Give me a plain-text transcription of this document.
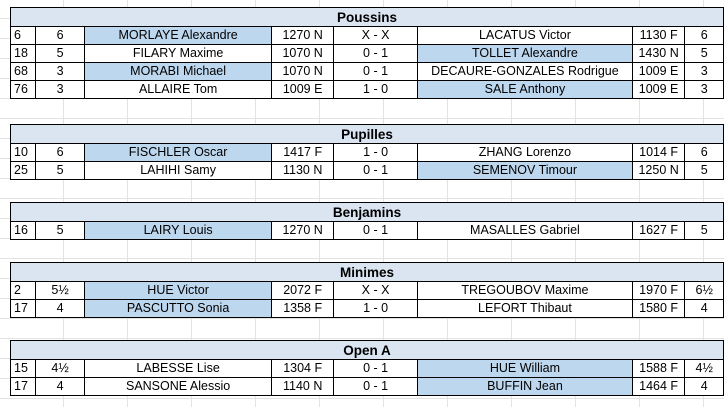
Poussins							
6	6	MORLAYE Alexandre	1270 N	X - X	LACATUS Victor	1130 F	6
18	5	FILARY Maxime	1070 N	0 - 1	TOLLET Alexandre	1430 N	5
68	3	MORABI Michael	1070 N	0 - 1	DECAURE-GONZALES Rodrigue	1009 E	3
76	3	ALLAIRE Tom	1009 E	1 - 0	SALE Anthony	1009 E	3
Pupilles							
10	6	FISCHLER Oscar	1417 F	1 - 0	ZHANG Lorenzo	1014 F	6
25	5	LAHIHI Samy	1130 N	0 - 1	SEMENOV Timour	1250 N	5
Benjamins
16	5	LAIRY Louis	1270 N	0 - 1	MASALLES Gabriel	1627 F	5
Minimes							
2	5½	HUE Victor	2072 F	X - X	TREGOUBOV Maxime	1970 F	6½
17	4	PASCUTTO Sonia	1358 F	1 - 0	LEFORT Thibaut	1580 F	4
Open A							
15	4½	LABESSE Lise	1304 F	0 - 1	HUE William	1588 F	4½
17	4	SANSONE Alessio	1140 N	0 - 1	BUFFIN Jean	1464 F	4
